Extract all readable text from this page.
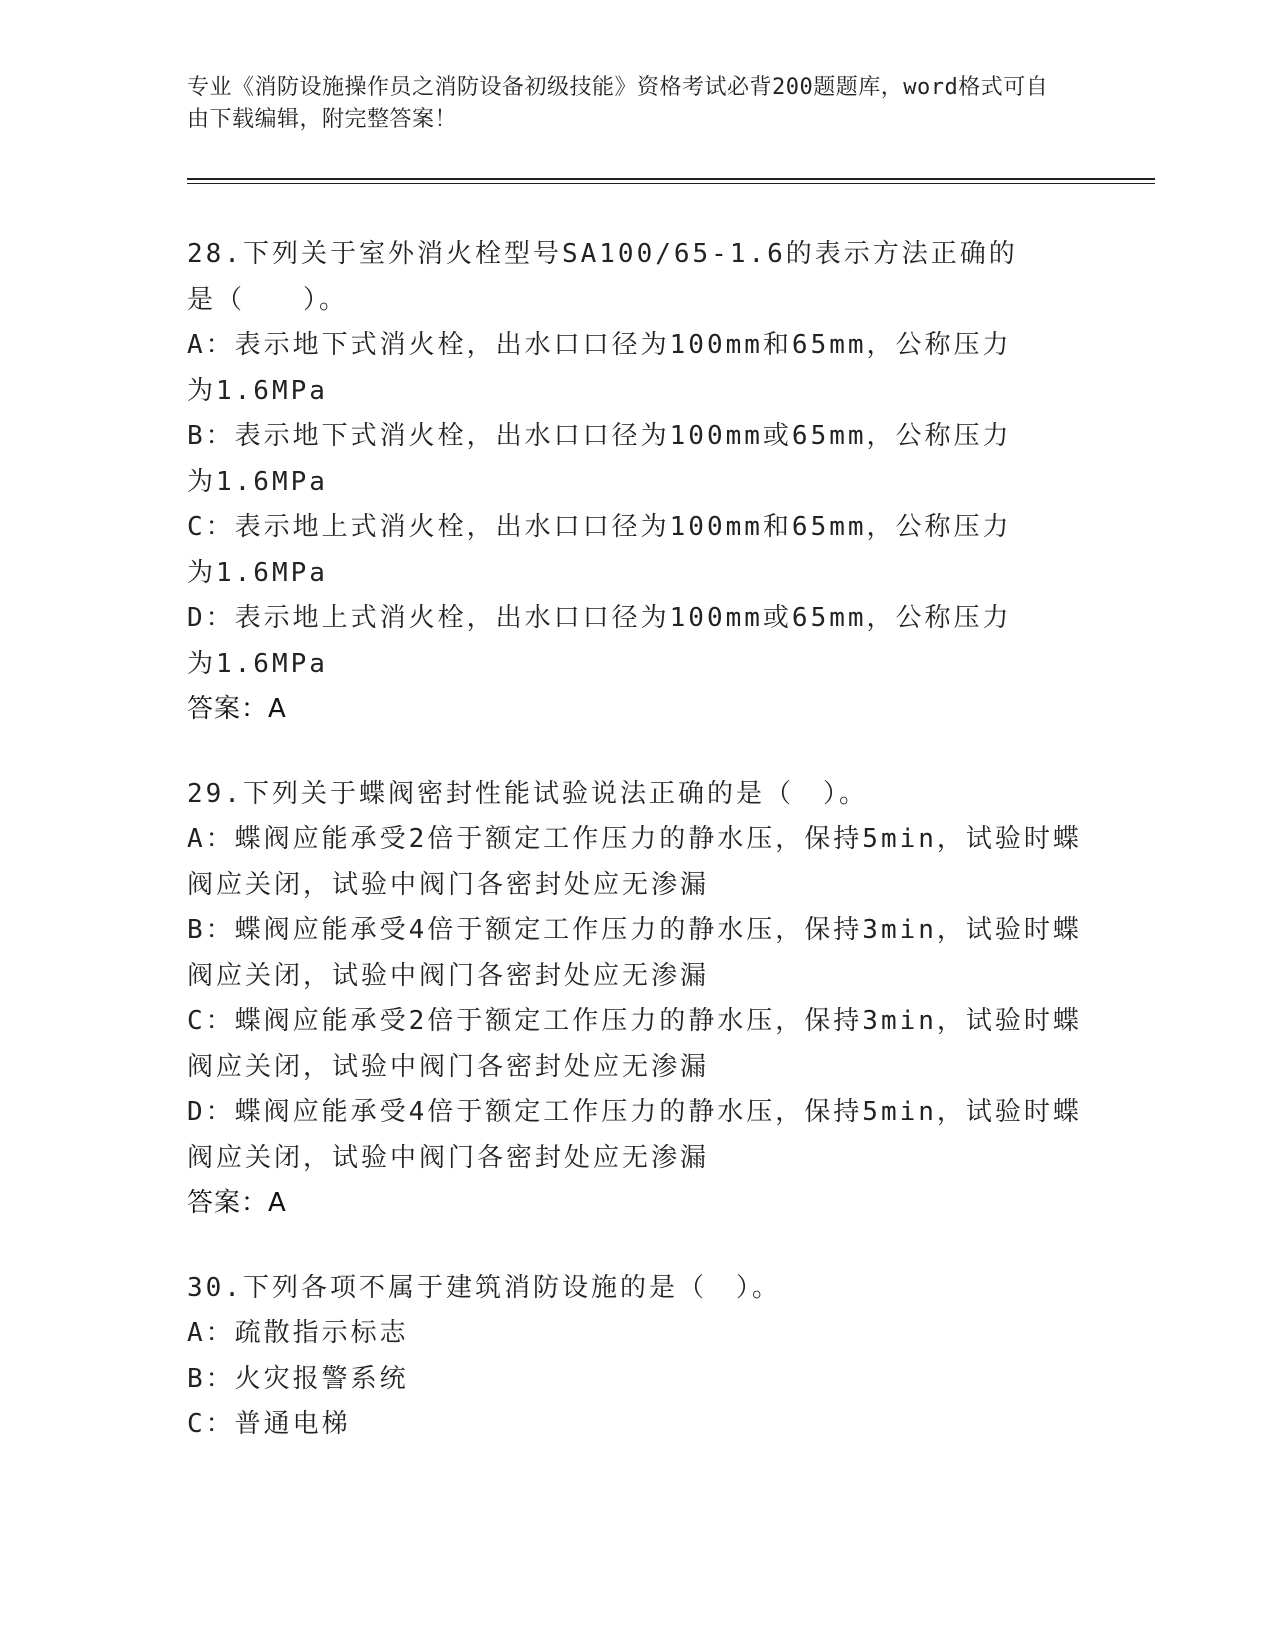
专业《消防设施操作员之消防设备初级技能》资格考试必背200题题库，word格式可自由下载编辑，附完整答案！
28.下列关于室外消火栓型号SA100/65-1.6的表示方法正确的是（　　）。
A：表示地下式消火栓，出水口口径为100mm和65mm，公称压力为1.6MPa
B：表示地下式消火栓，出水口口径为100mm或65mm，公称压力为1.6MPa
C：表示地上式消火栓，出水口口径为100mm和65mm，公称压力为1.6MPa
D：表示地上式消火栓，出水口口径为100mm或65mm，公称压力为1.6MPa
答案：A
29.下列关于蝶阀密封性能试验说法正确的是（　）。
A：蝶阀应能承受2倍于额定工作压力的静水压，保持5min，试验时蝶阀应关闭，试验中阀门各密封处应无渗漏
B：蝶阀应能承受4倍于额定工作压力的静水压，保持3min，试验时蝶阀应关闭，试验中阀门各密封处应无渗漏
C：蝶阀应能承受2倍于额定工作压力的静水压，保持3min，试验时蝶阀应关闭，试验中阀门各密封处应无渗漏
D：蝶阀应能承受4倍于额定工作压力的静水压，保持5min，试验时蝶阀应关闭，试验中阀门各密封处应无渗漏
答案：A
30.下列各项不属于建筑消防设施的是（　）。
A：疏散指示标志
B：火灾报警系统
C：普通电梯
